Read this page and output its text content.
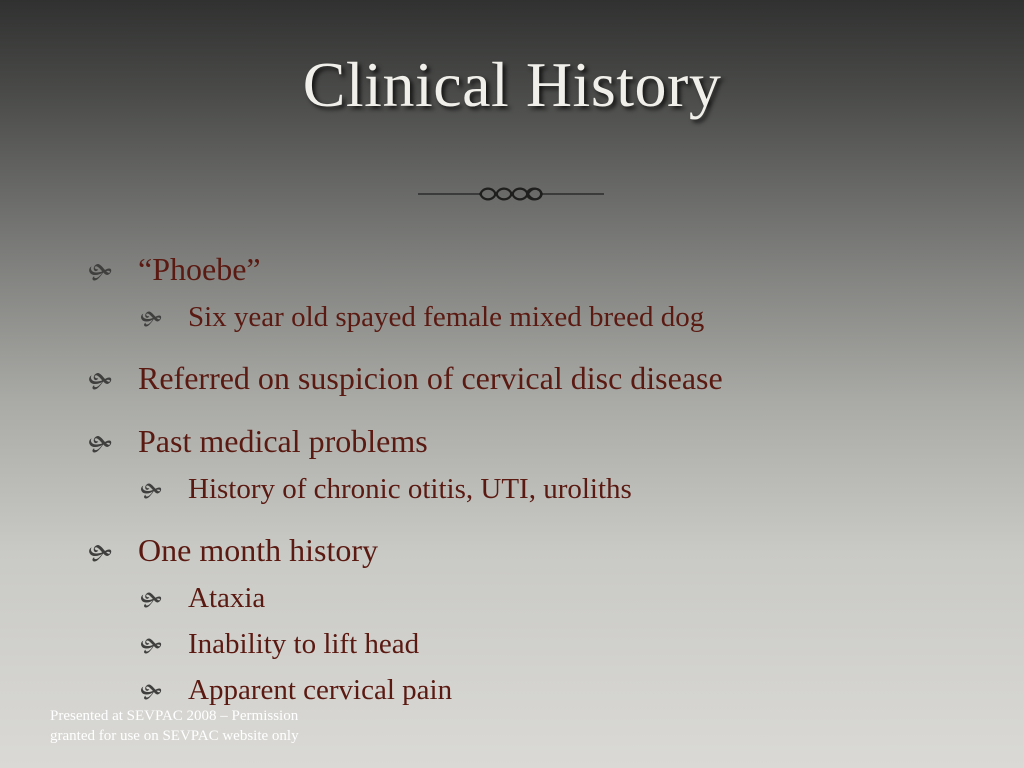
Clinical History
🙟 “Phoebe”
🙟 Six year old spayed female mixed breed dog
🙟 Referred on suspicion of cervical disc disease
🙟 Past medical problems
🙟 History of chronic otitis, UTI, uroliths
🙟 One month history
🙟 Ataxia
🙟 Inability to lift head
🙟 Apparent cervical pain
Presented at SEVPAC 2008 – Permission
granted for use on SEVPAC website only
